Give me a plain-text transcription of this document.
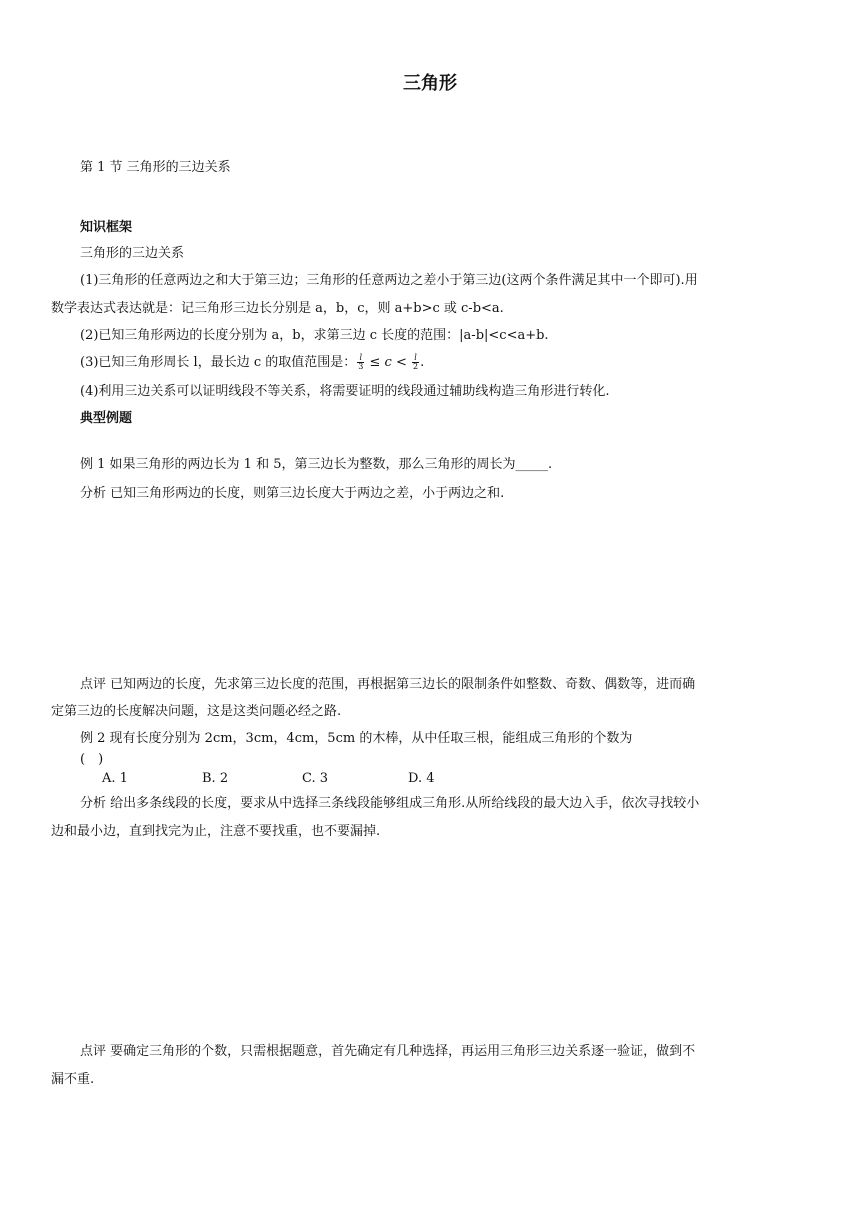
三角形
第 1 节 三角形的三边关系
知识框架
三角形的三边关系
(1)三角形的任意两边之和大于第三边；三角形的任意两边之差小于第三边(这两个条件满足其中一个即可).用
数学表达式表达就是：记三角形三边长分别是 a，b，c，则 a+b>c 或 c-b<a.
(2)已知三角形两边的长度分别为 a，b，求第三边 c 长度的范围：|a-b|<c<a+b.
(3)已知三角形周长 l，最长边 c 的取值范围是： $\frac{l}{3} \le c < \frac{l}{2}$ .
(4)利用三边关系可以证明线段不等关系，将需要证明的线段通过辅助线构造三角形进行转化.
典型例题
例 1 如果三角形的两边长为 1 和 5，第三边长为整数，那么三角形的周长为_____.
分析 已知三角形两边的长度，则第三边长度大于两边之差，小于两边之和.
点评 已知两边的长度，先求第三边长度的范围，再根据第三边长的限制条件如整数、奇数、偶数等，进而确
定第三边的长度解决问题，这是这类问题必经之路.
例 2 现有长度分别为 2cm，3cm，4cm，5cm 的木棒，从中任取三根，能组成三角形的个数为
(　)
A. 1	B. 2	C. 3	D. 4
分析 给出多条线段的长度，要求从中选择三条线段能够组成三角形.从所给线段的最大边入手，依次寻找较小
边和最小边，直到找完为止，注意不要找重，也不要漏掉.
点评 要确定三角形的个数，只需根据题意，首先确定有几种选择，再运用三角形三边关系逐一验证，做到不
漏不重.
